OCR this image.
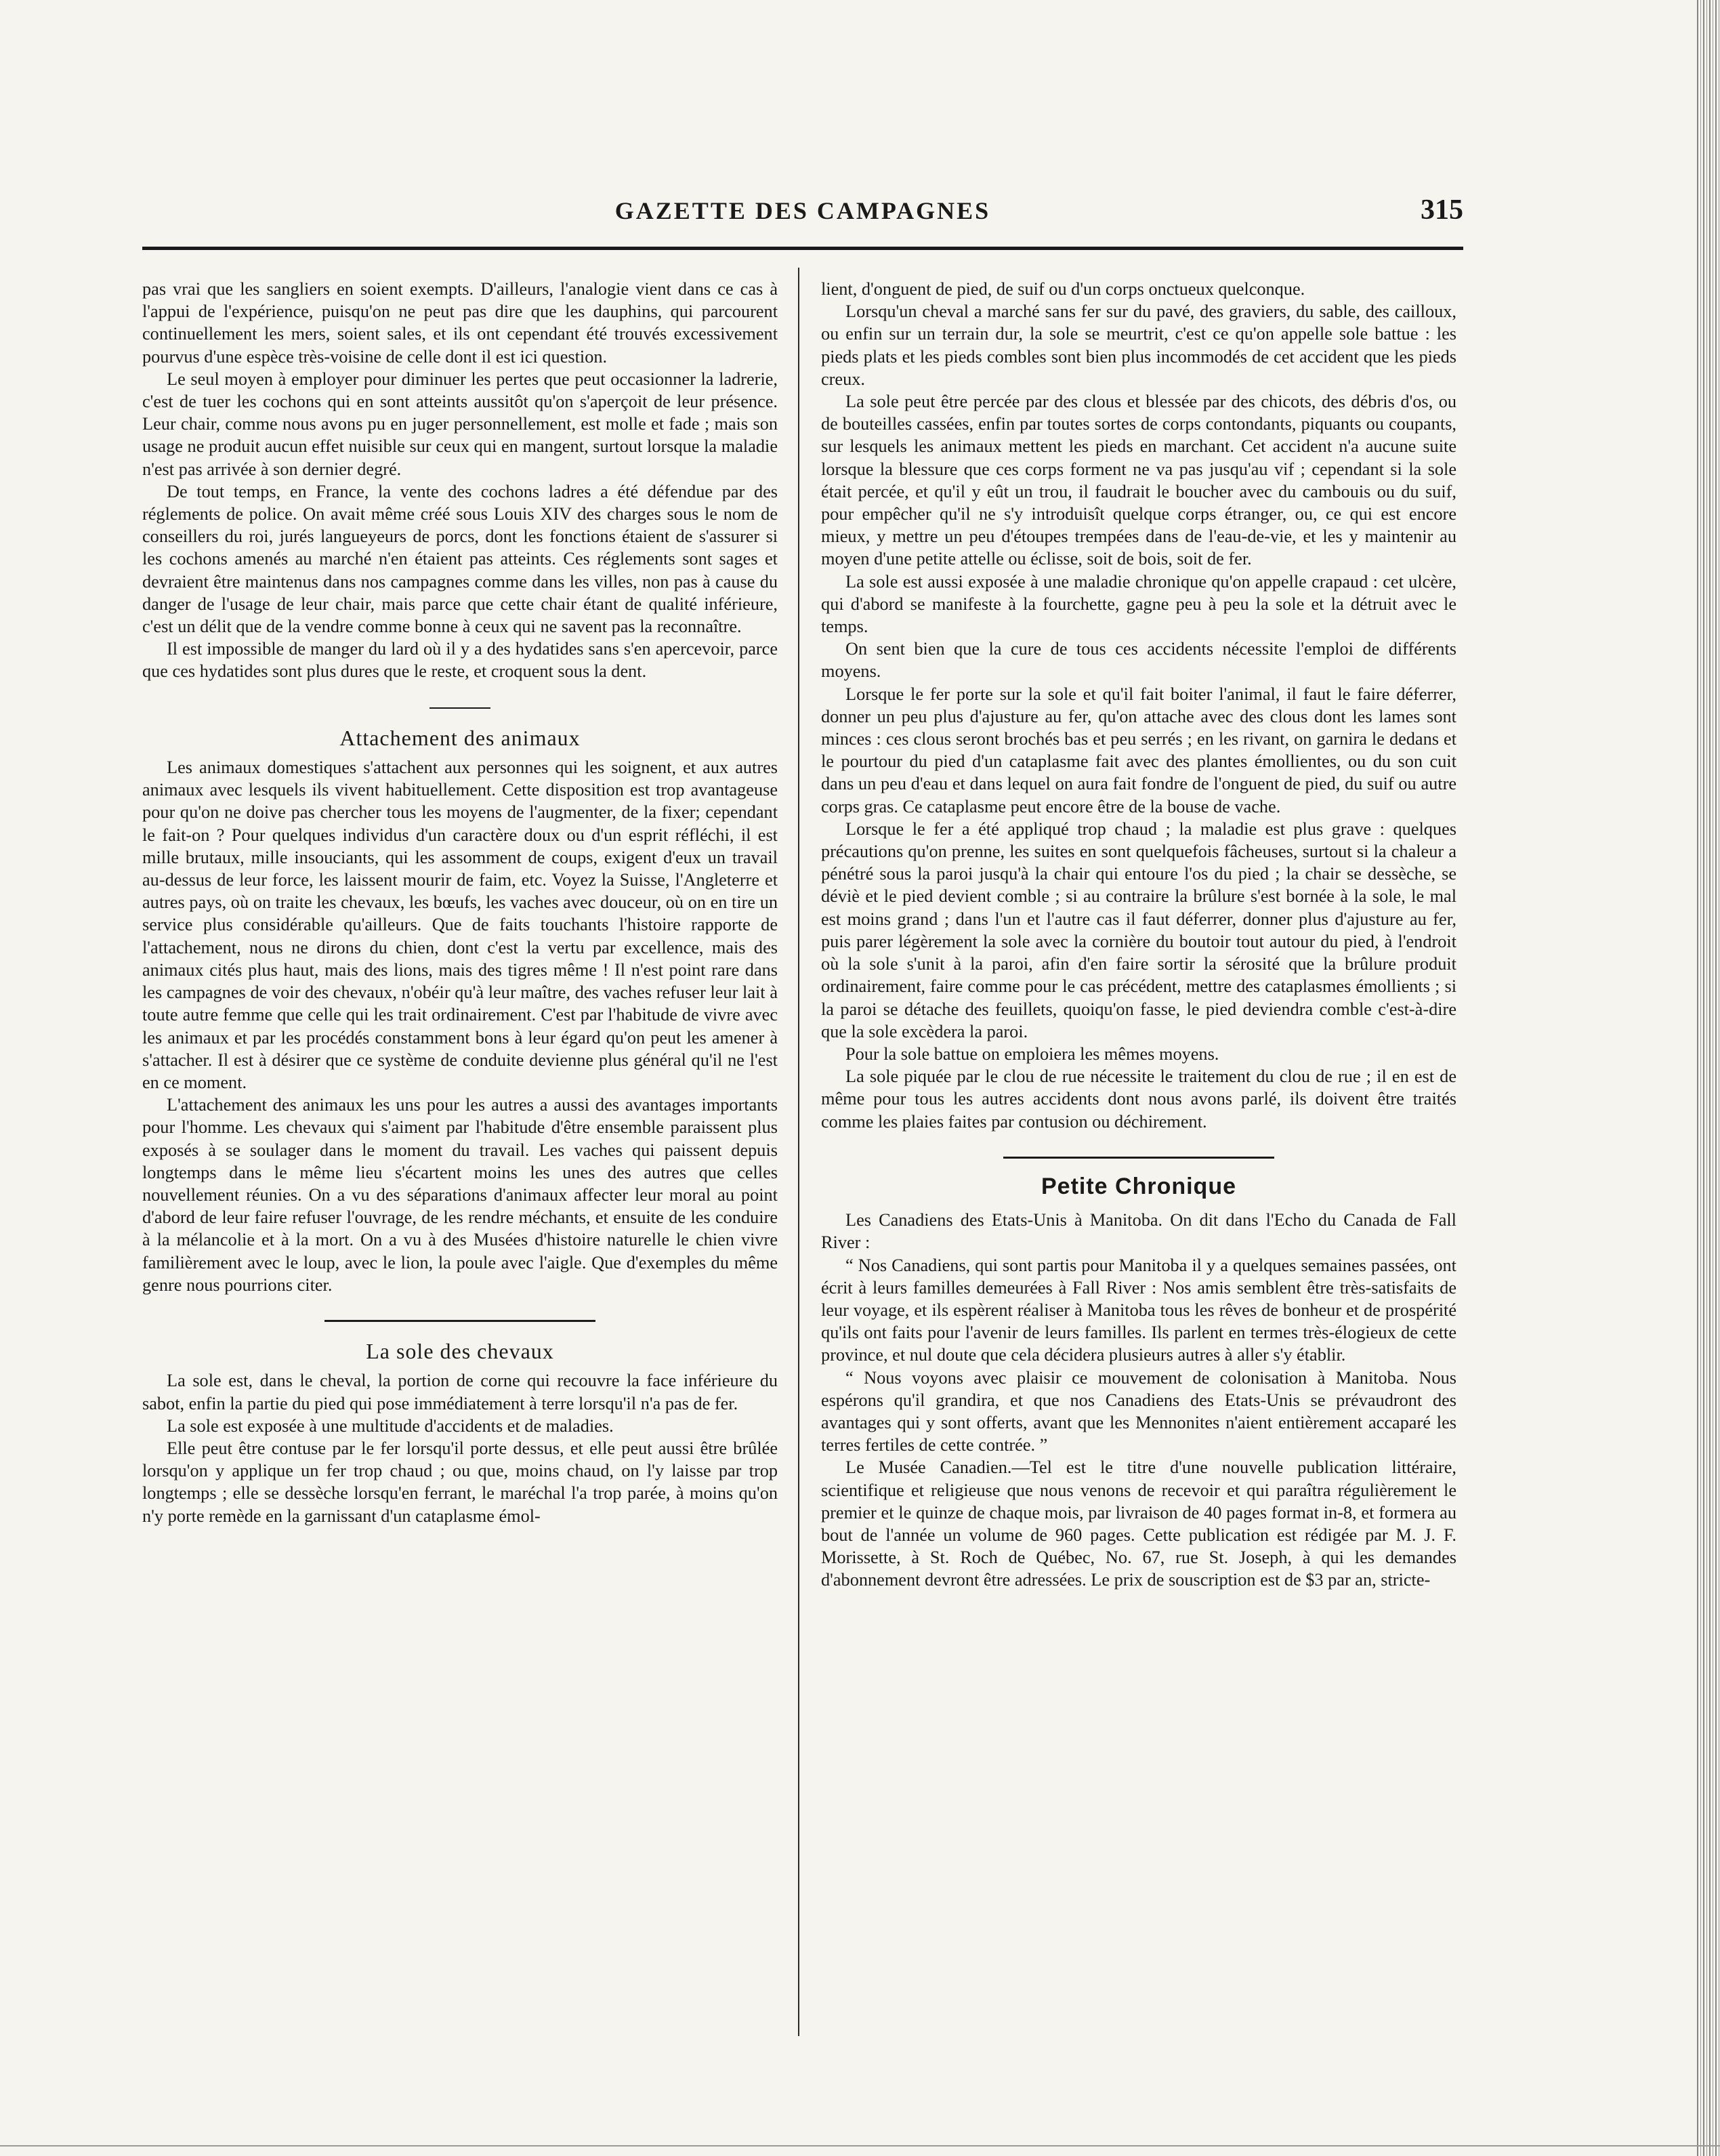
GAZETTE DES CAMPAGNES	315

pas vrai que les sangliers en soient exempts. D'ailleurs, l'analogie vient dans ce cas à l'appui de l'expérience, puisqu'on ne peut pas dire que les dauphins, qui parcourent continuellement les mers, soient sales, et ils ont cependant été trouvés excessivement pourvus d'une espèce très-voisine de celle dont il est ici question.

Le seul moyen à employer pour diminuer les pertes que peut occasionner la ladrerie, c'est de tuer les cochons qui en sont atteints aussitôt qu'on s'aperçoit de leur présence. Leur chair, comme nous avons pu en juger personnellement, est molle et fade ; mais son usage ne produit aucun effet nuisible sur ceux qui en mangent, surtout lorsque la maladie n'est pas arrivée à son dernier degré.

De tout temps, en France, la vente des cochons ladres a été défendue par des réglements de police. On avait même créé sous Louis XIV des charges sous le nom de conseillers du roi, jurés langueyeurs de porcs, dont les fonctions étaient de s'assurer si les cochons amenés au marché n'en étaient pas atteints. Ces réglements sont sages et devraient être maintenus dans nos campagnes comme dans les villes, non pas à cause du danger de l'usage de leur chair, mais parce que cette chair étant de qualité inférieure, c'est un délit que de la vendre comme bonne à ceux qui ne savent pas la reconnaître.

Il est impossible de manger du lard où il y a des hydatides sans s'en apercevoir, parce que ces hydatides sont plus dures que le reste, et croquent sous la dent.

Attachement des animaux

Les animaux domestiques s'attachent aux personnes qui les soignent, et aux autres animaux avec lesquels ils vivent habituellement. Cette disposition est trop avantageuse pour qu'on ne doive pas chercher tous les moyens de l'augmenter, de la fixer; cependant le fait-on ? Pour quelques individus d'un caractère doux ou d'un esprit réfléchi, il est mille brutaux, mille insouciants, qui les assomment de coups, exigent d'eux un travail au-dessus de leur force, les laissent mourir de faim, etc. Voyez la Suisse, l'Angleterre et autres pays, où on traite les chevaux, les bœufs, les vaches avec douceur, où on en tire un service plus considérable qu'ailleurs. Que de faits touchants l'histoire rapporte de l'attachement, nous ne dirons du chien, dont c'est la vertu par excellence, mais des animaux cités plus haut, mais des lions, mais des tigres même ! Il n'est point rare dans les campagnes de voir des chevaux, n'obéir qu'à leur maître, des vaches refuser leur lait à toute autre femme que celle qui les trait ordinairement. C'est par l'habitude de vivre avec les animaux et par les procédés constamment bons à leur égard qu'on peut les amener à s'attacher. Il est à désirer que ce système de conduite devienne plus général qu'il ne l'est en ce moment.

L'attachement des animaux les uns pour les autres a aussi des avantages importants pour l'homme. Les chevaux qui s'aiment par l'habitude d'être ensemble paraissent plus exposés à se soulager dans le moment du travail. Les vaches qui paissent depuis longtemps dans le même lieu s'écartent moins les unes des autres que celles nouvellement réunies. On a vu des séparations d'animaux affecter leur moral au point d'abord de leur faire refuser l'ouvrage, de les rendre méchants, et ensuite de les conduire à la mélancolie et à la mort. On a vu à des Musées d'histoire naturelle le chien vivre familièrement avec le loup, avec le lion, la poule avec l'aigle. Que d'exemples du même genre nous pourrions citer.

La sole des chevaux

La sole est, dans le cheval, la portion de corne qui recouvre la face inférieure du sabot, enfin la partie du pied qui pose immédiatement à terre lorsqu'il n'a pas de fer.

La sole est exposée à une multitude d'accidents et de maladies.

Elle peut être contuse par le fer lorsqu'il porte dessus, et elle peut aussi être brûlée lorsqu'on y applique un fer trop chaud ; ou que, moins chaud, on l'y laisse par trop longtemps ; elle se dessèche lorsqu'en ferrant, le maréchal l'a trop parée, à moins qu'on n'y porte remède en la garnissant d'un cataplasme émol-

lient, d'onguent de pied, de suif ou d'un corps onctueux quelconque.

Lorsqu'un cheval a marché sans fer sur du pavé, des graviers, du sable, des cailloux, ou enfin sur un terrain dur, la sole se meurtrit, c'est ce qu'on appelle sole battue : les pieds plats et les pieds combles sont bien plus incommodés de cet accident que les pieds creux.

La sole peut être percée par des clous et blessée par des chicots, des débris d'os, ou de bouteilles cassées, enfin par toutes sortes de corps contondants, piquants ou coupants, sur lesquels les animaux mettent les pieds en marchant. Cet accident n'a aucune suite lorsque la blessure que ces corps forment ne va pas jusqu'au vif ; cependant si la sole était percée, et qu'il y eût un trou, il faudrait le boucher avec du cambouis ou du suif, pour empêcher qu'il ne s'y introduisît quelque corps étranger, ou, ce qui est encore mieux, y mettre un peu d'étoupes trempées dans de l'eau-de-vie, et les y maintenir au moyen d'une petite attelle ou éclisse, soit de bois, soit de fer.

La sole est aussi exposée à une maladie chronique qu'on appelle crapaud : cet ulcère, qui d'abord se manifeste à la fourchette, gagne peu à peu la sole et la détruit avec le temps.

On sent bien que la cure de tous ces accidents nécessite l'emploi de différents moyens.

Lorsque le fer porte sur la sole et qu'il fait boiter l'animal, il faut le faire déferrer, donner un peu plus d'ajusture au fer, qu'on attache avec des clous dont les lames sont minces : ces clous seront brochés bas et peu serrés ; en les rivant, on garnira le dedans et le pourtour du pied d'un cataplasme fait avec des plantes émollientes, ou du son cuit dans un peu d'eau et dans lequel on aura fait fondre de l'onguent de pied, du suif ou autre corps gras. Ce cataplasme peut encore être de la bouse de vache.

Lorsque le fer a été appliqué trop chaud ; la maladie est plus grave : quelques précautions qu'on prenne, les suites en sont quelquefois fâcheuses, surtout si la chaleur a pénétré sous la paroi jusqu'à la chair qui entoure l'os du pied ; la chair se dessèche, se déviè et le pied devient comble ; si au contraire la brûlure s'est bornée à la sole, le mal est moins grand ; dans l'un et l'autre cas il faut déferrer, donner plus d'ajusture au fer, puis parer légèrement la sole avec la cornière du boutoir tout autour du pied, à l'endroit où la sole s'unit à la paroi, afin d'en faire sortir la sérosité que la brûlure produit ordinairement, faire comme pour le cas précédent, mettre des cataplasmes émollients ; si la paroi se détache des feuillets, quoiqu'on fasse, le pied deviendra comble c'est-à-dire que la sole excèdera la paroi.

Pour la sole battue on emploiera les mêmes moyens.

La sole piquée par le clou de rue nécessite le traitement du clou de rue ; il en est de même pour tous les autres accidents dont nous avons parlé, ils doivent être traités comme les plaies faites par contusion ou déchirement.

Petite Chronique

Les Canadiens des Etats-Unis à Manitoba. On dit dans l'Echo du Canada de Fall River :

“ Nos Canadiens, qui sont partis pour Manitoba il y a quelques semaines passées, ont écrit à leurs familles demeurées à Fall River : Nos amis semblent être très-satisfaits de leur voyage, et ils espèrent réaliser à Manitoba tous les rêves de bonheur et de prospérité qu'ils ont faits pour l'avenir de leurs familles. Ils parlent en termes très-élogieux de cette province, et nul doute que cela décidera plusieurs autres à aller s'y établir.

“ Nous voyons avec plaisir ce mouvement de colonisation à Manitoba. Nous espérons qu'il grandira, et que nos Canadiens des Etats-Unis se prévaudront des avantages qui y sont offerts, avant que les Mennonites n'aient entièrement accaparé les terres fertiles de cette contrée. ”

Le Musée Canadien.—Tel est le titre d'une nouvelle publication littéraire, scientifique et religieuse que nous venons de recevoir et qui paraîtra régulièrement le premier et le quinze de chaque mois, par livraison de 40 pages format in-8, et formera au bout de l'année un volume de 960 pages. Cette publication est rédigée par M. J. F. Morissette, à St. Roch de Québec, No. 67, rue St. Joseph, à qui les demandes d'abonnement devront être adressées. Le prix de souscription est de $3 par an, stricte-
